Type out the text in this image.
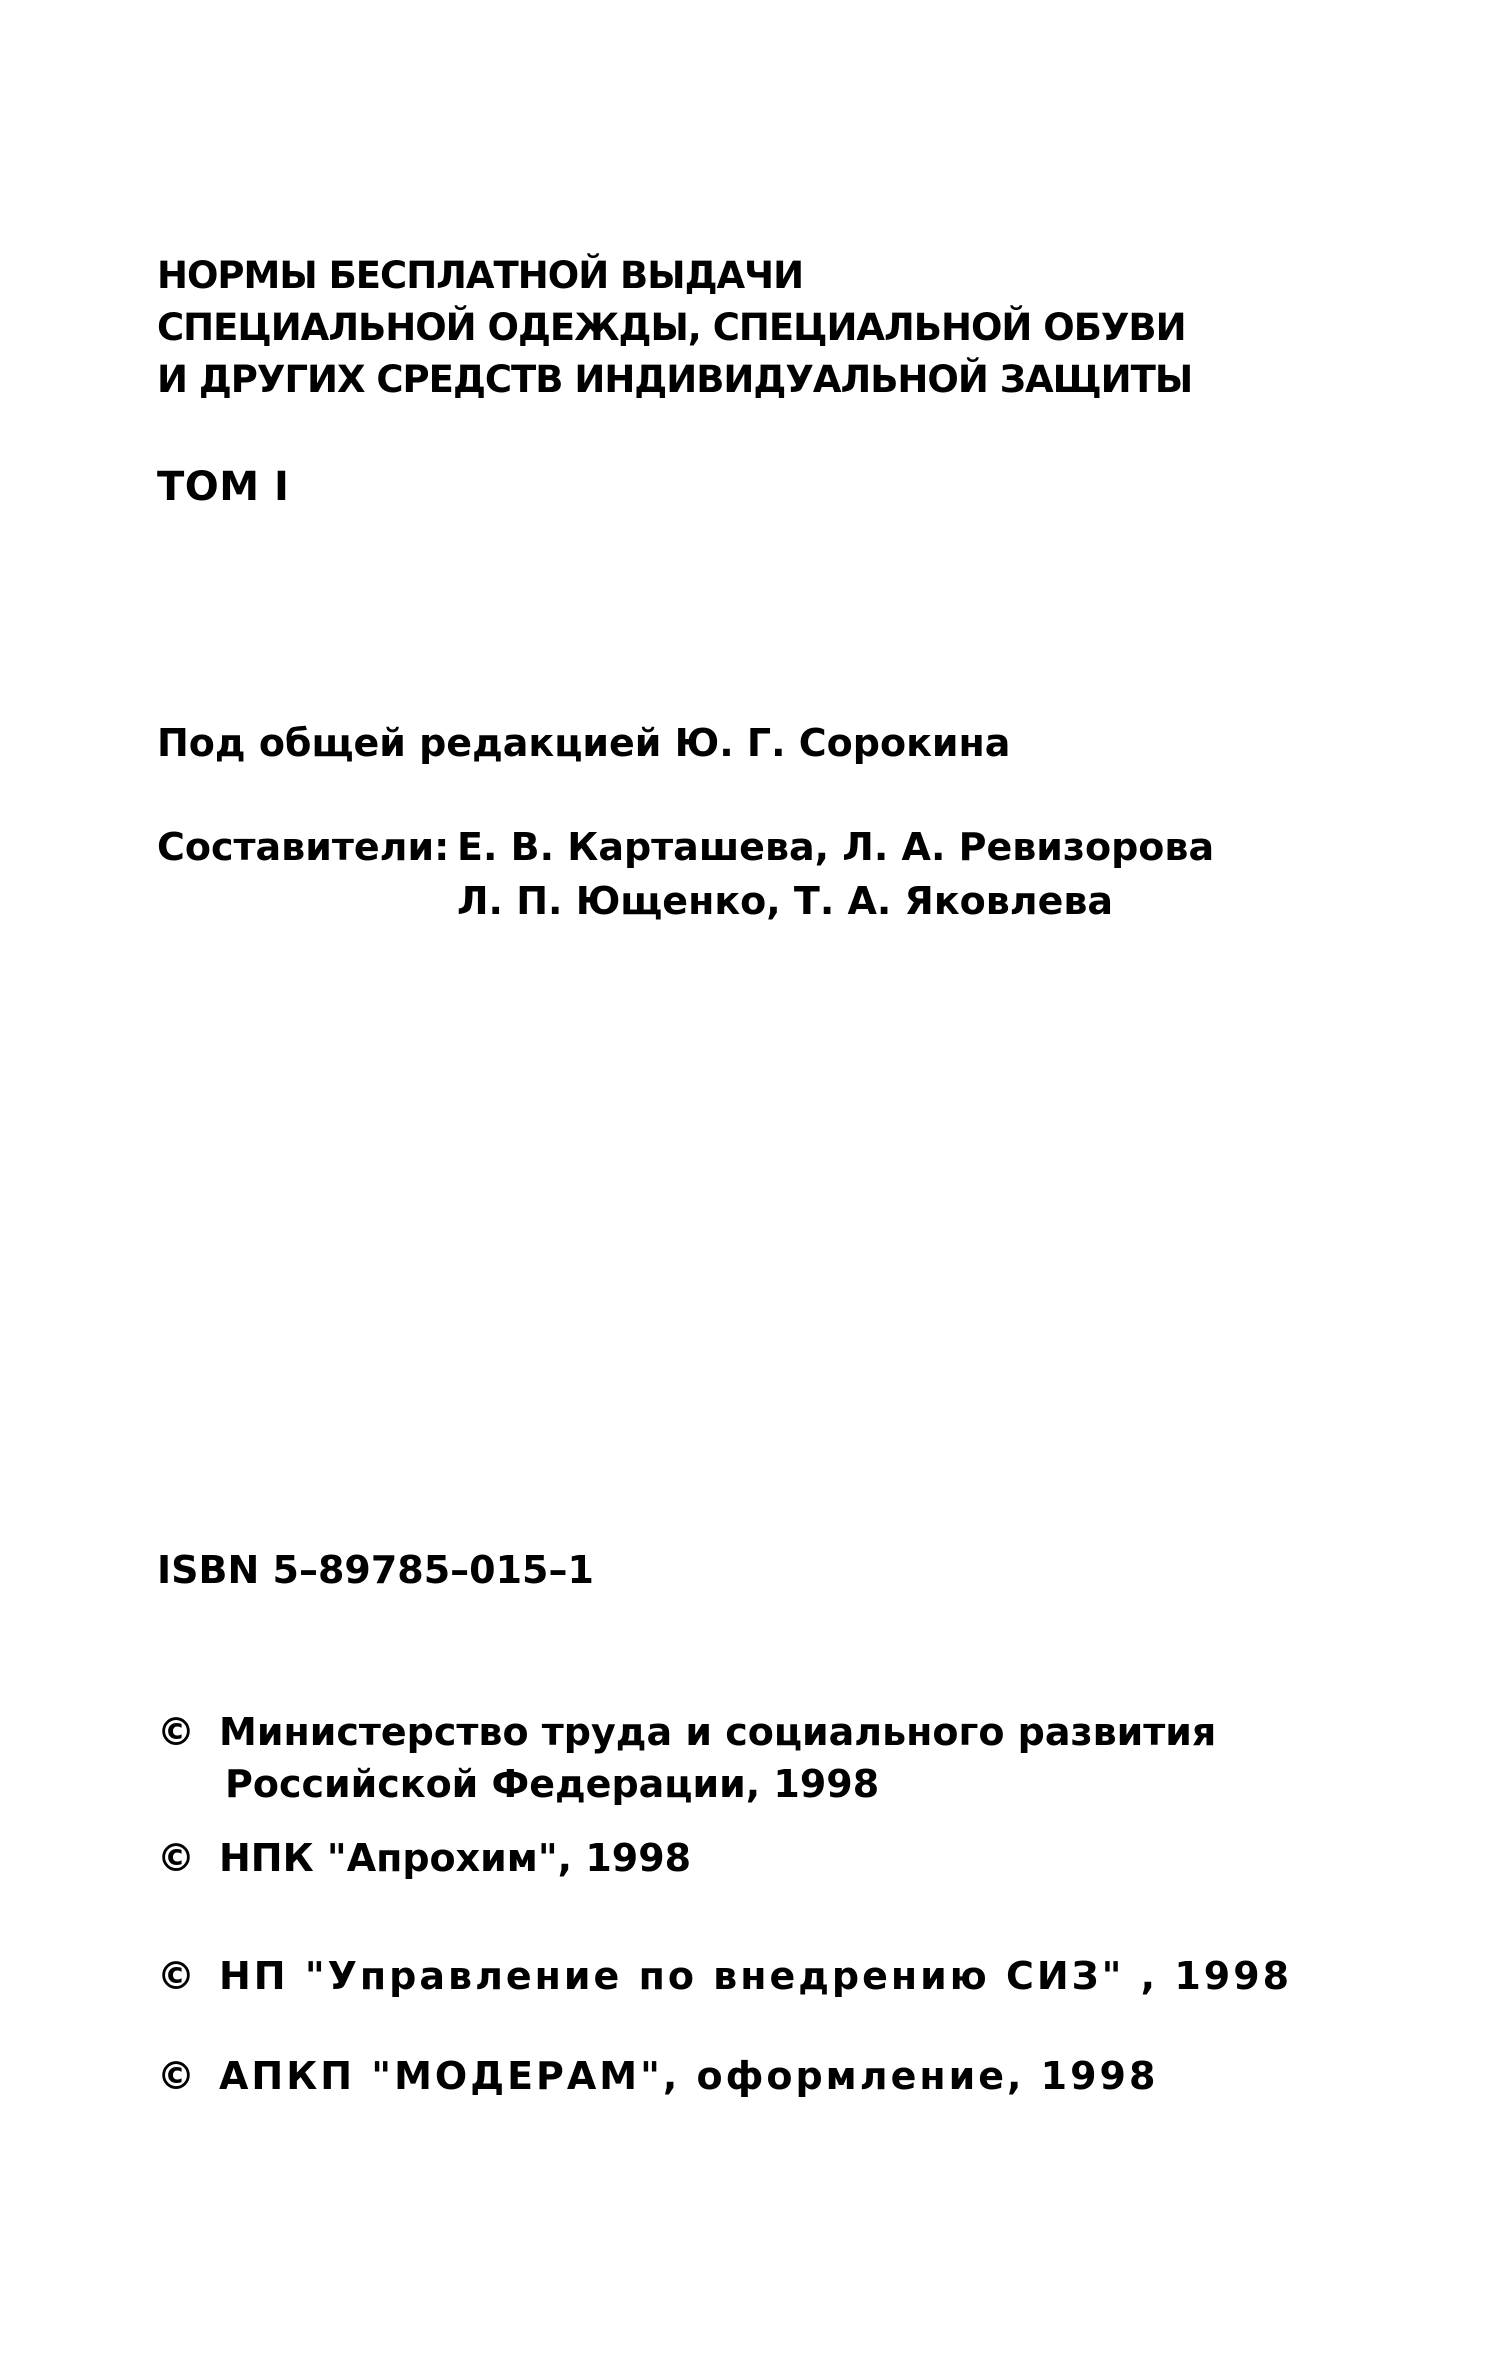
НОРМЫ БЕСПЛАТНОЙ ВЫДАЧИ
СПЕЦИАЛЬНОЙ ОДЕЖДЫ, СПЕЦИАЛЬНОЙ ОБУВИ
И ДРУГИХ СРЕДСТВ ИНДИВИДУАЛЬНОЙ ЗАЩИТЫ
ТОМ I
Под общей редакцией Ю. Г. Сорокина
Составители: Е. В. Карташева, Л. А. Ревизорова
Л. П. Ющенко, Т. А. Яковлева
ISBN 5–89785–015–1
© Министерство труда и социального развития
Российской Федерации, 1998
© НПК "Апрохим", 1998
© НП "Управление по внедрению СИЗ" , 1998
© АПКП "МОДЕРАМ", оформление, 1998
